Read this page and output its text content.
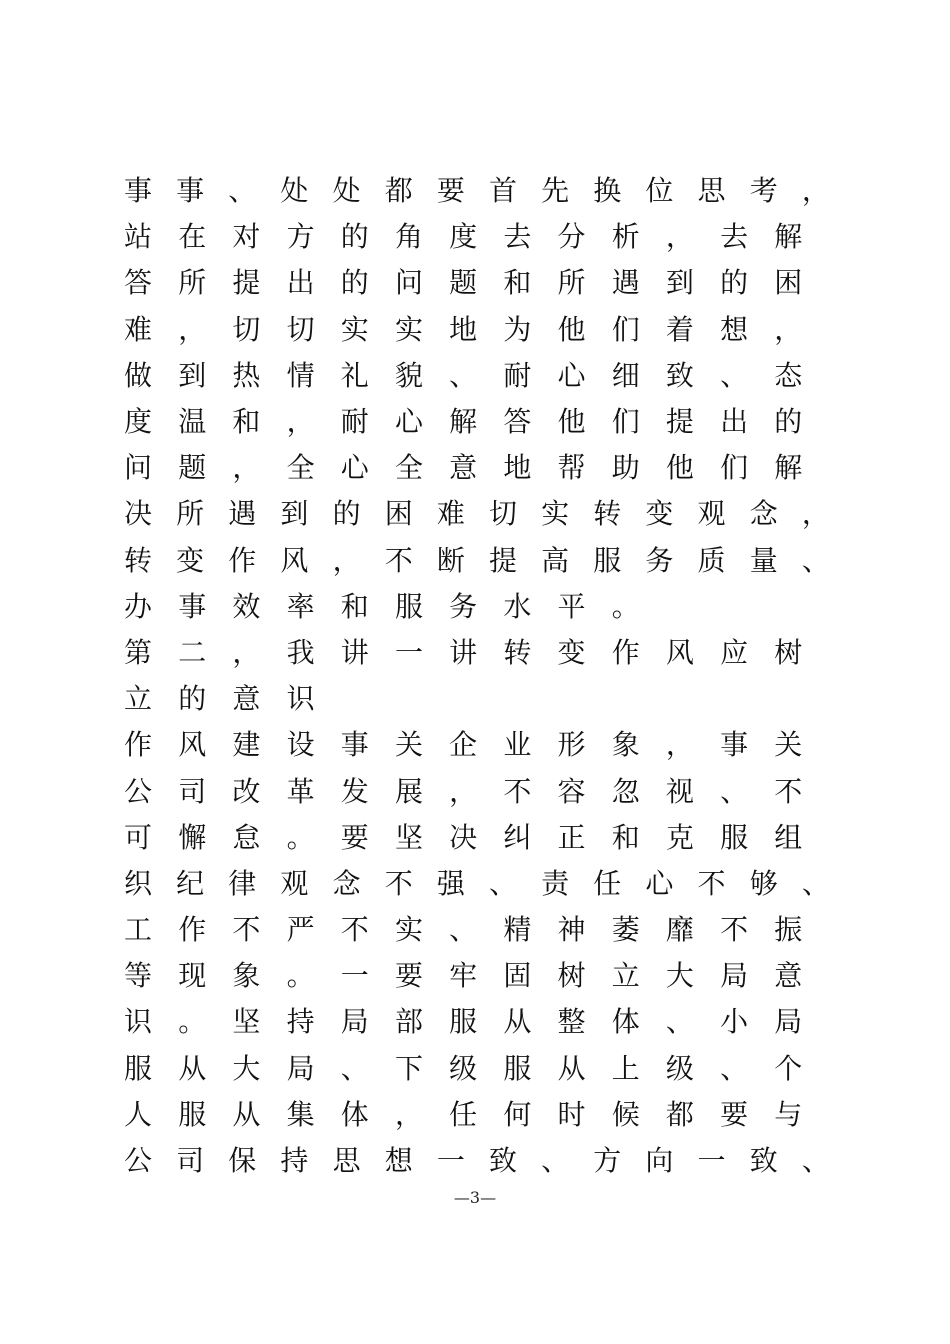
事 事 、 处 处 都 要 首 先 换 位 思 考 ，
站 在 对 方 的 角 度 去 分 析 ， 去 解
答 所 提 出 的 问 题 和 所 遇 到 的 困
难 ， 切 切 实 实 地 为 他 们 着 想 ，
做 到 热 情 礼 貌 、 耐 心 细 致 、 态
度 温 和 ， 耐 心 解 答 他 们 提 出 的
问 题 ， 全 心 全 意 地 帮 助 他 们 解
决 所 遇 到 的 困 难 切 实 转 变 观 念 ，
转 变 作 风 ， 不 断 提 高 服 务 质 量 、
办 事 效 率 和 服 务 水 平 。
第 二 ， 我 讲 一 讲 转 变 作 风 应 树
立 的 意 识
作 风 建 设 事 关 企 业 形 象 ， 事 关
公 司 改 革 发 展 ， 不 容 忽 视 、 不
可 懈 怠 。 要 坚 决 纠 正 和 克 服 组
织 纪 律 观 念 不 强 、 责 任 心 不 够 、
工 作 不 严 不 实 、 精 神 萎 靡 不 振
等 现 象 。 一 要 牢 固 树 立 大 局 意
识 。 坚 持 局 部 服 从 整 体 、 小 局
服 从 大 局 、 下 级 服 从 上 级 、 个
人 服 从 集 体 ， 任 何 时 候 都 要 与
公 司 保 持 思 想 一 致 、 方 向 一 致 、
—3—
